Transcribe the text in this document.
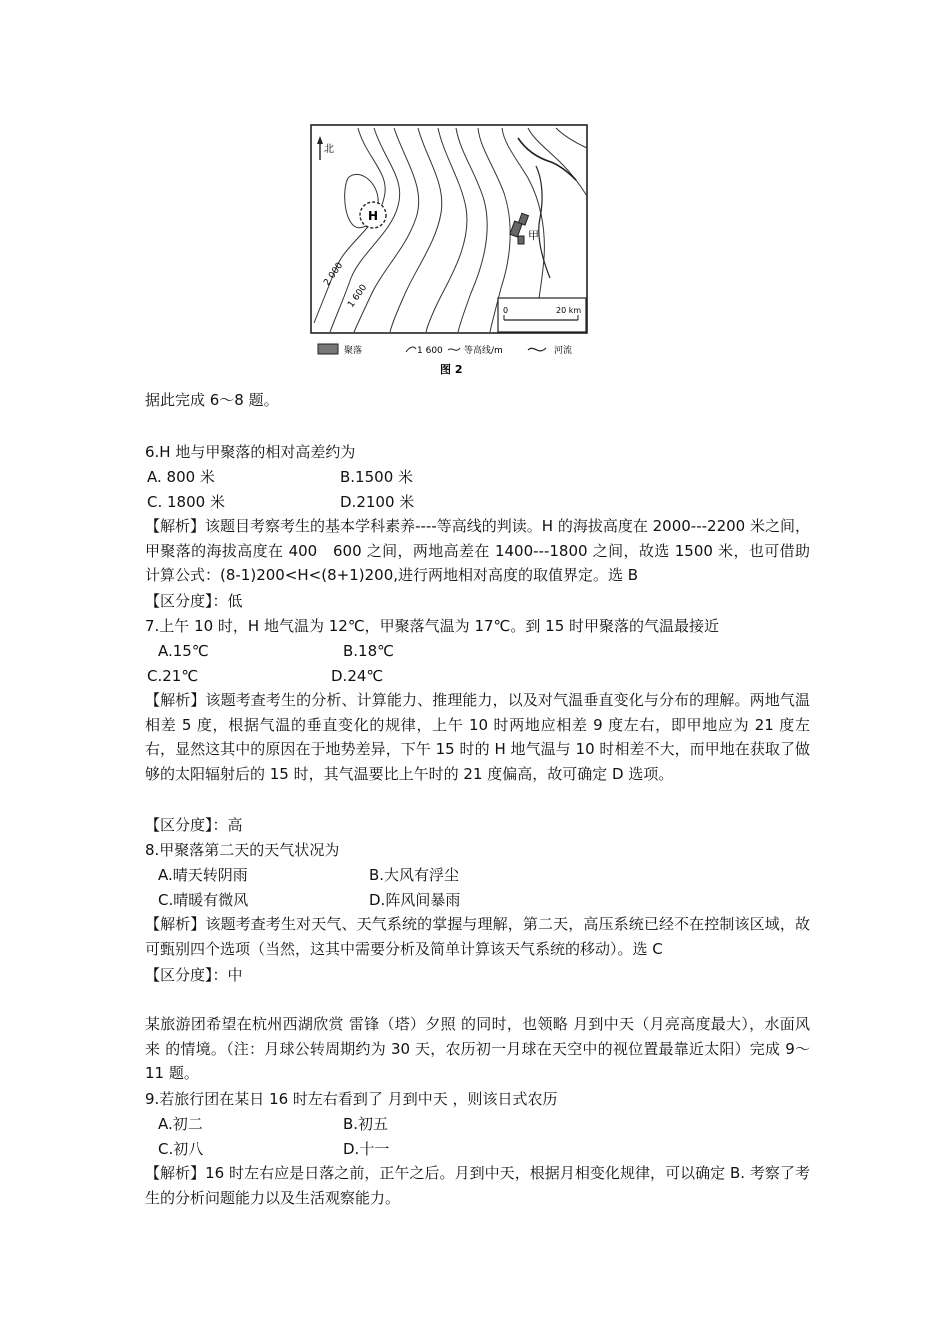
北
H
甲
2 000
1 600
0	20 km
聚落	1 600 等高线/m	河流
图 2
据此完成 6～8 题。
6.H 地与甲聚落的相对高差约为
A. 800 米	B.1500 米
C. 1800 米	D.2100 米
【解析】该题目考察考生的基本学科素养----等高线的判读。H 的海拔高度在 2000---2200 米之间，甲聚落的海拔高度在 400　600 之间，两地高差在 1400---1800 之间，故选 1500 米，也可借助计算公式：(8-1)200<H<(8+1)200,进行两地相对高度的取值界定。选 B
【区分度】：低
7.上午 10 时，H 地气温为 12℃，甲聚落气温为 17℃。到 15 时甲聚落的气温最接近
A.15℃	B.18℃
C.21℃	D.24℃
【解析】该题考查考生的分析、计算能力、推理能力，以及对气温垂直变化与分布的理解。两地气温相差 5 度，根据气温的垂直变化的规律，上午 10 时两地应相差 9 度左右，即甲地应为 21 度左右，显然这其中的原因在于地势差异，下午 15 时的 H 地气温与 10 时相差不大，而甲地在获取了做够的太阳辐射后的 15 时，其气温要比上午时的 21 度偏高，故可确定 D 选项。
【区分度】：高
8.甲聚落第二天的天气状况为
A.晴天转阴雨	B.大风有浮尘
C.晴暖有微风	D.阵风间暴雨
【解析】该题考查考生对天气、天气系统的掌握与理解，第二天，高压系统已经不在控制该区域，故可甄别四个选项（当然，这其中需要分析及简单计算该天气系统的移动）。选 C
【区分度】：中
某旅游团希望在杭州西湖欣赏 雷锋（塔）夕照 的同时，也领略 月到中天（月亮高度最大），水面风来 的情境。（注：月球公转周期约为 30 天，农历初一月球在天空中的视位置最靠近太阳）完成 9～11 题。
9.若旅行团在某日 16 时左右看到了 月到中天 ，则该日式农历
A.初二	B.初五
C.初八	D.十一
【解析】16 时左右应是日落之前，正午之后。月到中天，根据月相变化规律，可以确定 B. 考察了考生的分析问题能力以及生活观察能力。
